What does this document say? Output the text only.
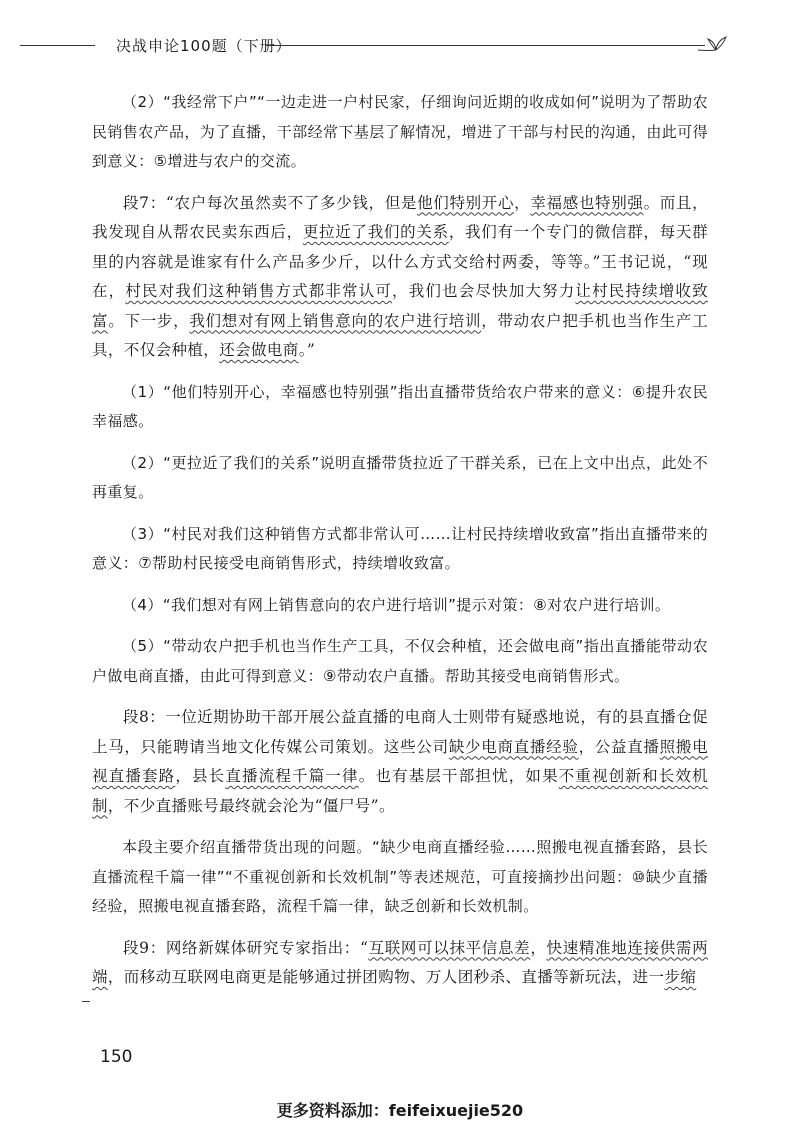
决战申论100题（下册）

（2）“我经常下户”“一边走进一户村民家，仔细询问近期的收成如何”说明为了帮助农民销售农产品，为了直播，干部经常下基层了解情况，增进了干部与村民的沟通，由此可得到意义：⑤增进与农户的交流。

段7：“农户每次虽然卖不了多少钱，但是他们特别开心，幸福感也特别强。而且，我发现自从帮农民卖东西后，更拉近了我们的关系，我们有一个专门的微信群，每天群里的内容就是谁家有什么产品多少斤，以什么方式交给村两委，等等。”王书记说，“现在，村民对我们这种销售方式都非常认可，我们也会尽快加大努力让村民持续增收致富。下一步，我们想对有网上销售意向的农户进行培训，带动农户把手机也当作生产工具，不仅会种植，还会做电商。”

（1）“他们特别开心，幸福感也特别强”指出直播带货给农户带来的意义：⑥提升农民幸福感。

（2）“更拉近了我们的关系”说明直播带货拉近了干群关系，已在上文中出点，此处不再重复。

（3）“村民对我们这种销售方式都非常认可……让村民持续增收致富”指出直播带来的意义：⑦帮助村民接受电商销售形式，持续增收致富。

（4）“我们想对有网上销售意向的农户进行培训”提示对策：⑧对农户进行培训。

（5）“带动农户把手机也当作生产工具，不仅会种植，还会做电商”指出直播能带动农户做电商直播，由此可得到意义：⑨带动农户直播。帮助其接受电商销售形式。

段8：一位近期协助干部开展公益直播的电商人士则带有疑惑地说，有的县直播仓促上马，只能聘请当地文化传媒公司策划。这些公司缺少电商直播经验，公益直播照搬电视直播套路，县长直播流程千篇一律。也有基层干部担忧，如果不重视创新和长效机制，不少直播账号最终就会沦为“僵尸号”。

本段主要介绍直播带货出现的问题。“缺少电商直播经验……照搬电视直播套路，县长直播流程千篇一律”“不重视创新和长效机制”等表述规范，可直接摘抄出问题：⑩缺少直播经验，照搬电视直播套路，流程千篇一律，缺乏创新和长效机制。

段9：网络新媒体研究专家指出：“互联网可以抹平信息差，快速精准地连接供需两端，而移动互联网电商更是能够通过拼团购物、万人团秒杀、直播等新玩法，进一步缩

150
更多资料添加：feifeixuejie520
